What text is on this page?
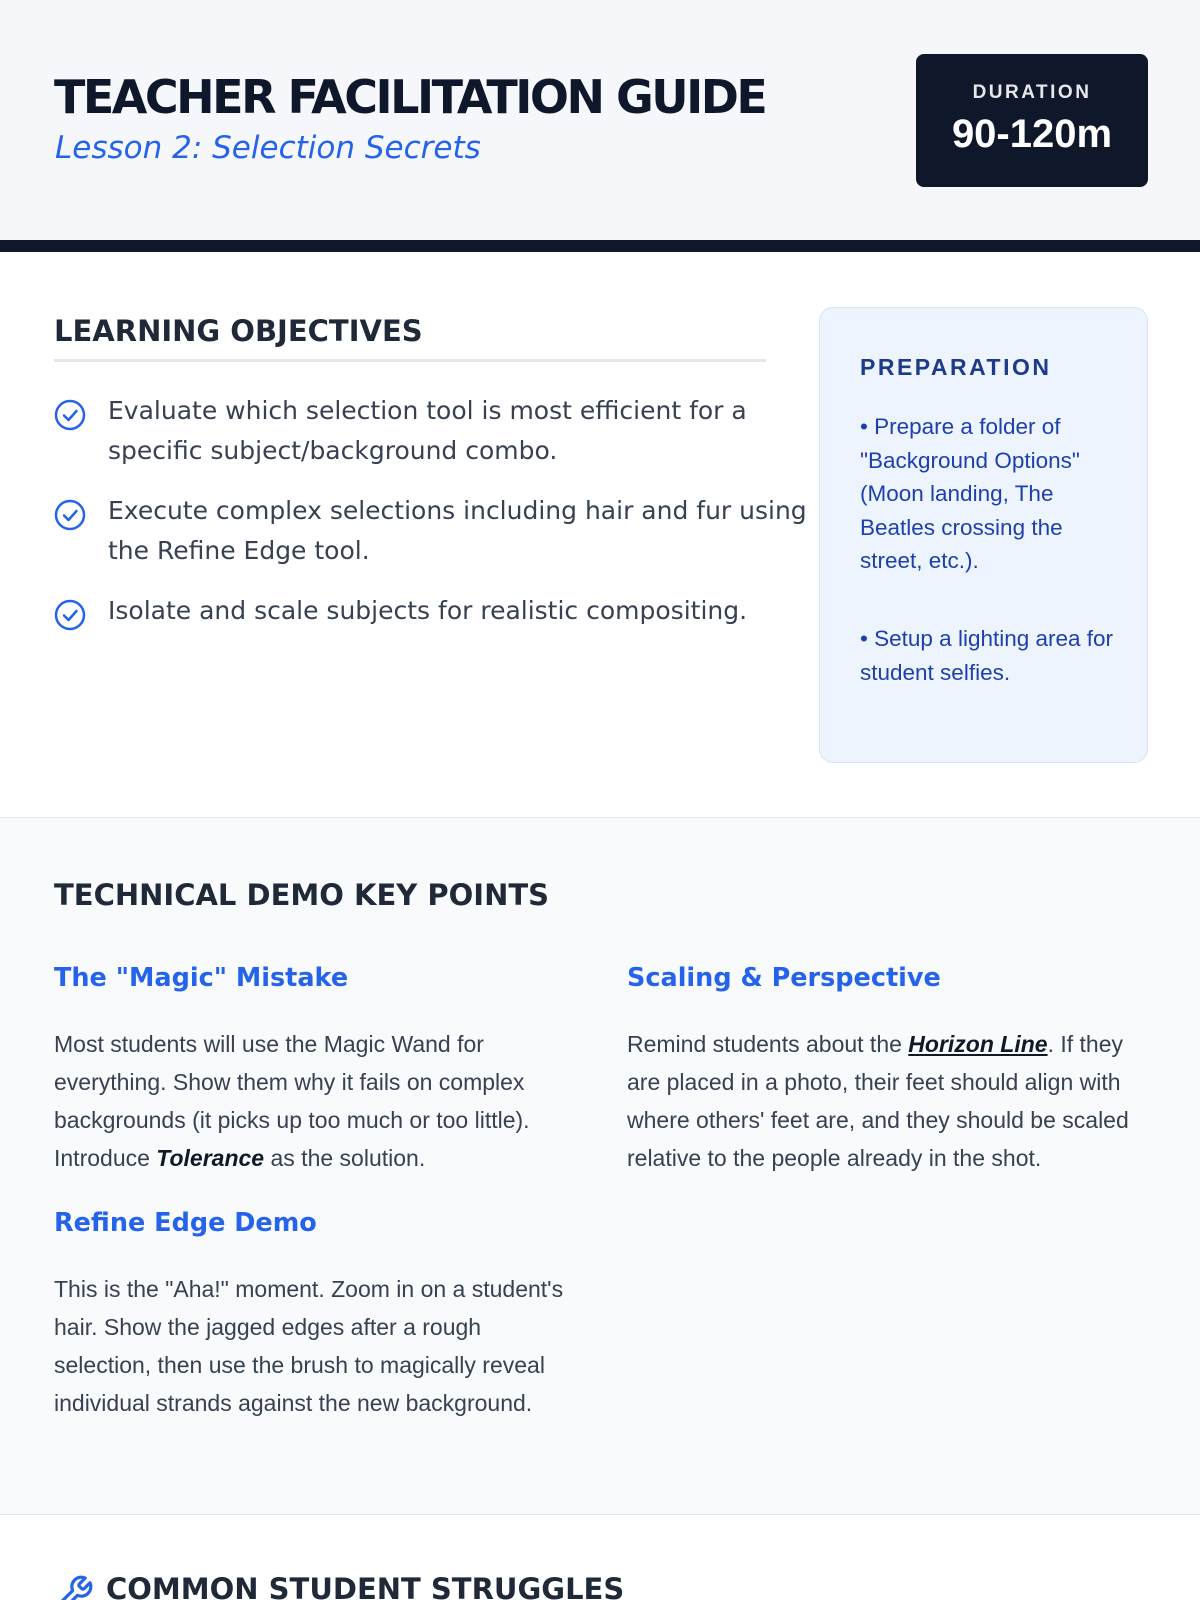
TEACHER FACILITATION GUIDE
Lesson 2: Selection Secrets
DURATION
90-120m
LEARNING OBJECTIVES
Evaluate which selection tool is most efficient for a specific subject/background combo.
Execute complex selections including hair and fur using the Refine Edge tool.
Isolate and scale subjects for realistic compositing.
PREPARATION
• Prepare a folder of "Background Options" (Moon landing, The Beatles crossing the street, etc.).
• Setup a lighting area for student selfies.
TECHNICAL DEMO KEY POINTS
The "Magic" Mistake
Most students will use the Magic Wand for everything. Show them why it fails on complex backgrounds (it picks up too much or too little). Introduce Tolerance as the solution.
Refine Edge Demo
This is the "Aha!" moment. Zoom in on a student's hair. Show the jagged edges after a rough selection, then use the brush to magically reveal individual strands against the new background.
Scaling & Perspective
Remind students about the Horizon Line. If they are placed in a photo, their feet should align with where others' feet are, and they should be scaled relative to the people already in the shot.
COMMON STUDENT STRUGGLES
